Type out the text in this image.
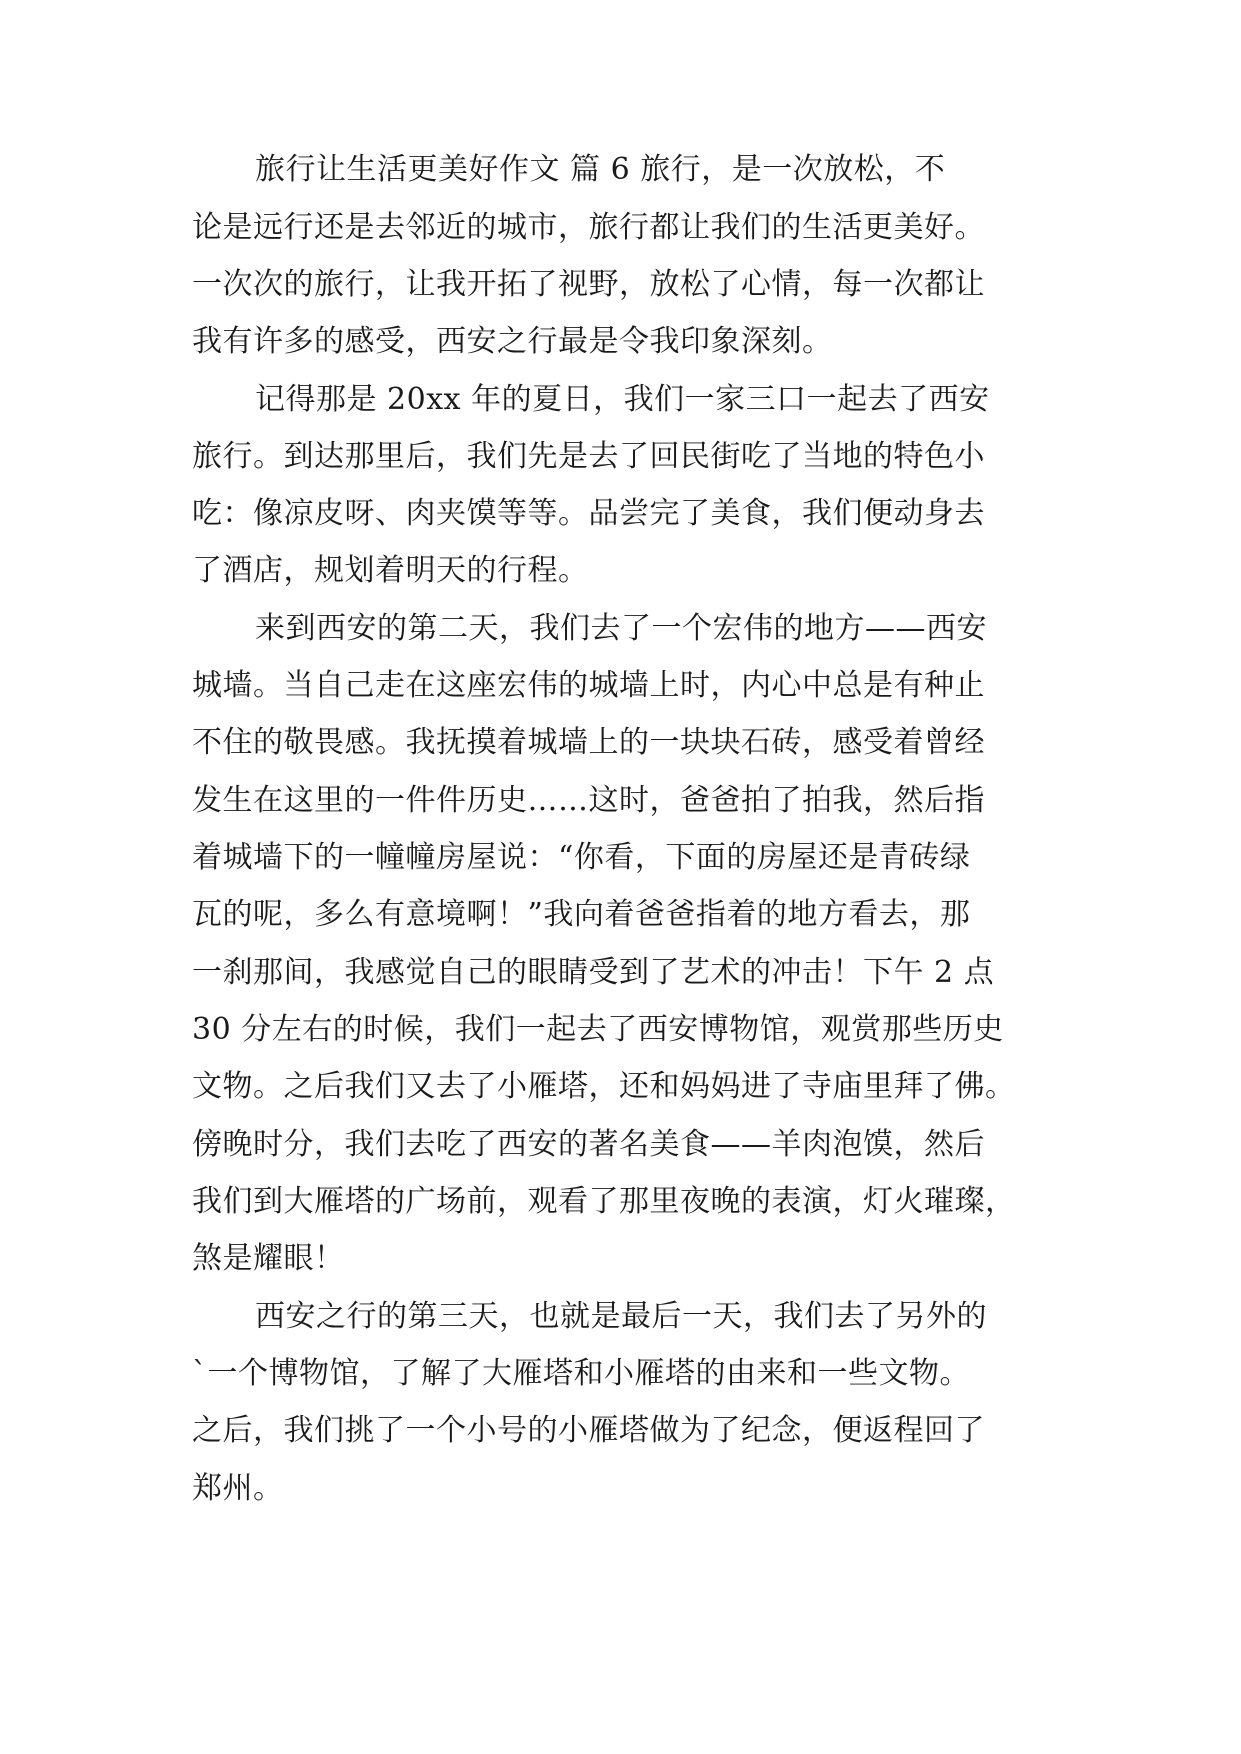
旅行让生活更美好作文 篇 6 旅行，是一次放松，不
论是远行还是去邻近的城市，旅行都让我们的生活更美好。
一次次的旅行，让我开拓了视野，放松了心情，每一次都让
我有许多的感受，西安之行最是令我印象深刻。
记得那是 20xx 年的夏日，我们一家三口一起去了西安
旅行。到达那里后，我们先是去了回民街吃了当地的特色小
吃：像凉皮呀、肉夹馍等等。品尝完了美食，我们便动身去
了酒店，规划着明天的行程。
来到西安的第二天，我们去了一个宏伟的地方——西安
城墙。当自己走在这座宏伟的城墙上时，内心中总是有种止
不住的敬畏感。我抚摸着城墙上的一块块石砖，感受着曾经
发生在这里的一件件历史……这时，爸爸拍了拍我，然后指
着城墙下的一幢幢房屋说：“你看，下面的房屋还是青砖绿
瓦的呢，多么有意境啊！”我向着爸爸指着的地方看去，那
一刹那间，我感觉自己的眼睛受到了艺术的冲击！下午 2 点
30 分左右的时候，我们一起去了西安博物馆，观赏那些历史
文物。之后我们又去了小雁塔，还和妈妈进了寺庙里拜了佛。
傍晚时分，我们去吃了西安的著名美食——羊肉泡馍，然后
我们到大雁塔的广场前，观看了那里夜晚的表演，灯火璀璨，
煞是耀眼！
西安之行的第三天，也就是最后一天，我们去了另外的
`一个博物馆，了解了大雁塔和小雁塔的由来和一些文物。
之后，我们挑了一个小号的小雁塔做为了纪念，便返程回了
郑州。
